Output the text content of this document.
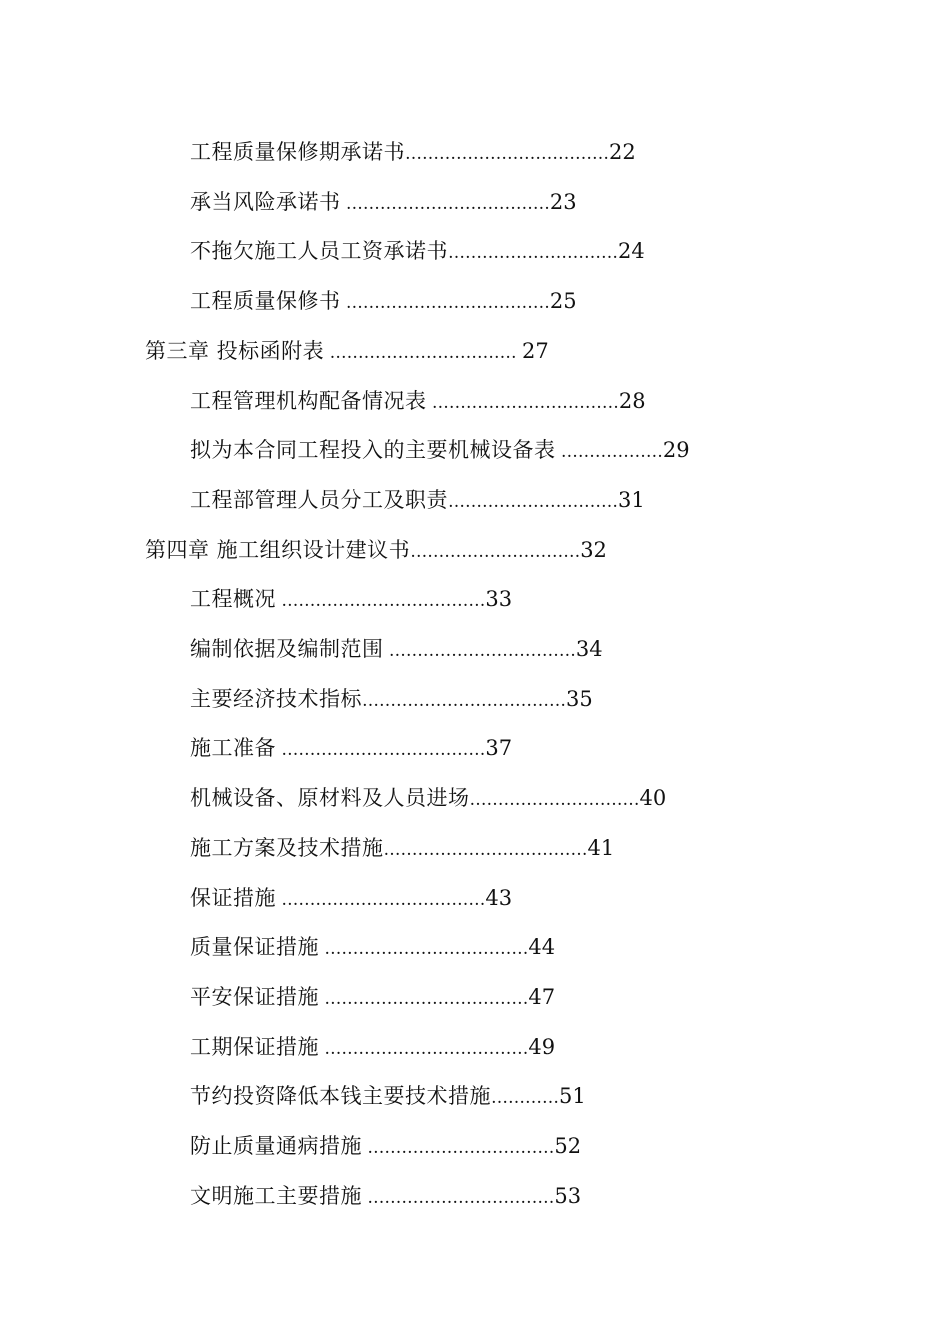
工程质量保修期承诺书………………………………22
承当风险承诺书 ………………………………23
不拖欠施工人员工资承诺书…………………………24
工程质量保修书 ………………………………25
第三章 投标函附表 …………………………… 27
工程管理机构配备情况表 ……………………………28
拟为本合同工程投入的主要机械设备表 ………………29
工程部管理人员分工及职责…………………………31
第四章 施工组织设计建议书…………………………32
工程概况 ………………………………33
编制依据及编制范围 ……………………………34
主要经济技术指标………………………………35
施工准备 ………………………………37
机械设备、原材料及人员进场…………………………40
施工方案及技术措施………………………………41
保证措施 ………………………………43
质量保证措施 ………………………………44
平安保证措施 ………………………………47
工期保证措施 ………………………………49
节约投资降低本钱主要技术措施…………51
防止质量通病措施 ……………………………52
文明施工主要措施 ……………………………53
